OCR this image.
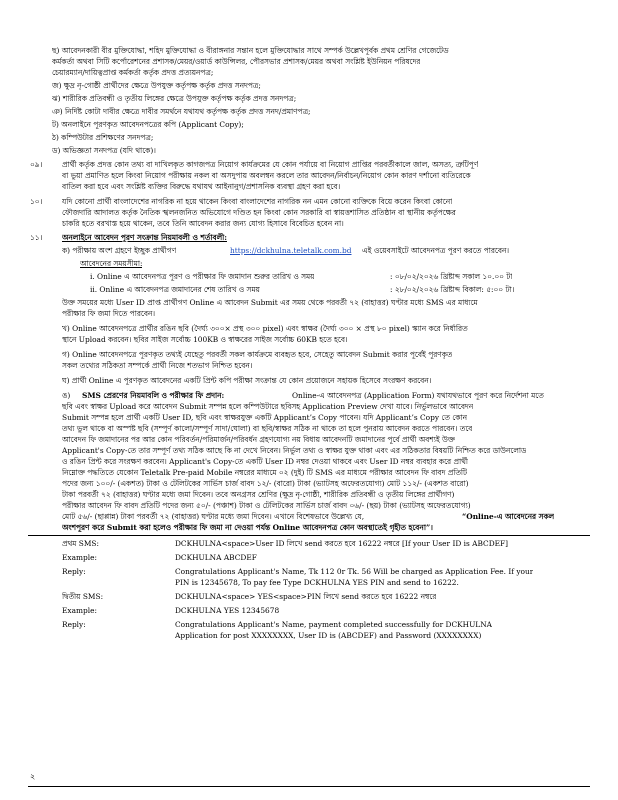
ছ) আবেদনকারী বীর মুক্তিযোদ্ধা, শহিদ মুক্তিযোদ্ধা ও বীরাঙ্গনার সন্তান হলে মুক্তিযোদ্ধার সাথে সম্পর্ক উল্লেখপূর্বক প্রথম শ্রেণির গেজেটেড
কর্মকর্তা অথবা সিটি কর্পোরেশনের প্রশাসক/মেয়র/ওয়ার্ড কাউন্সিলর, পৌরসভার প্রশাসক/মেয়র অথবা সংশ্লিষ্ট ইউনিয়ন পরিষদের
চেয়ারম্যান/দায়িত্বপ্রাপ্ত কর্মকর্তা কর্তৃক প্রদত্ত প্রত্যয়নপত্র;
জ) ক্ষুদ্র নৃ-গোষ্ঠী প্রার্থীদের ক্ষেত্রে উপযুক্ত কর্তৃপক্ষ কর্তৃক প্রদত্ত সনদপত্র;
ঝ) শারীরিক প্রতিবন্ধী ও তৃতীয় লিঙ্গের ক্ষেত্রে উপযুক্ত কর্তৃপক্ষ কর্তৃক প্রদত্ত সনদপত্র;
ঞ) নির্দিষ্ট কোটা দাবীর ক্ষেত্রে দাবীর সমর্থনে যথাযথ কর্তৃপক্ষ কর্তৃক প্রদত্ত সনদ/প্রমাণপত্র;
ট) অনলাইনে পূরণকৃত আবেদনপত্রের কপি (Applicant Copy);
ঠ) কম্পিউটার প্রশিক্ষণের সনদপত্র;
ড) অভিজ্ঞতা সনদপত্র (যদি থাকে)।
০৯।	প্রার্থী কর্তৃক প্রদত্ত কোন তথ্য বা দাখিলকৃত কাগজপত্র নিয়োগ কার্যক্রমের যে কোন পর্যায়ে বা নিয়োগ প্রাপ্তির পরবর্তীকালে জাল, অসত্য, ত্রুটিপূর্ণ
বা ভুয়া প্রমাণিত হলে কিংবা নিয়োগ পরীক্ষায় নকল বা অসদুপায় অবলম্বন করলে তার আবেদন/নির্বাচন/নিয়োগ কোন কারণ দর্শানো ব্যতিরেকে
বাতিল করা হবে এবং সংশ্লিষ্ট ব্যক্তির বিরুদ্ধে যথাযথ আইনানুগ/প্রশাসনিক ব্যবস্থা গ্রহণ করা হবে।
১০।	যদি কোনো প্রার্থী বাংলাদেশের নাগরিক না হয়ে থাকেন কিংবা বাংলাদেশের নাগরিক নন এমন কোনো ব্যক্তিকে বিয়ে করেন কিংবা কোনো
ফৌজদারি আদালত কর্তৃক নৈতিক স্খলনজনিত অভিযোগে দণ্ডিত হন কিংবা কোন সরকারি বা স্বায়ত্তশাসিত প্রতিষ্ঠান বা স্থানীয় কর্তৃপক্ষের
চাকরি হতে বরখাস্ত হয়ে থাকেন, তবে তিনি আবেদন করার জন্য যোগ্য হিসাবে বিবেচিত হবেন না।
১১।	অনলাইনে আবেদন পূরণ সংক্রান্ত নিয়মাবলী ও শর্তাবলী:
ক) পরীক্ষায় অংশ গ্রহণে ইচ্ছুক প্রার্থীগণ	https://dckhulna.teletalk.com.bd এই ওয়েবসাইটে আবেদনপত্র পূরণ করতে পারবেন।
আবেদনের সময়সীমা:
i. Online এ আবেদনপত্র পূরণ ও পরীক্ষার ফি জমাদান শুরুর তারিখ ও সময়	: ০৮/০২/২০২৬ খ্রিষ্টাব্দ সকাল ১০.০০ টা
ii. Online এ আবেদনপত্র জমাদানের শেষ তারিখ ও সময়	: ২৮/০২/২০২৬ খ্রিষ্টাব্দ বিকাল: ৫:০০ টা।
উক্ত সময়ের মধ্যে User ID প্রাপ্ত প্রার্থীগণ Online এ আবেদন Submit এর সময় থেকে পরবর্তী ৭২ (বাহাত্তর) ঘণ্টার মধ্যে SMS এর মাধ্যমে
পরীক্ষার ফি জমা দিতে পারবেন।
খ) Online আবেদনপত্রে প্রার্থীর রঙিন ছবি (দৈর্ঘ্য ৩০০× প্রস্থ ৩০০ pixel) এবং স্বাক্ষর (দৈর্ঘ্য ৩০০ × প্রস্থ ৮০ pixel) স্ক্যান করে নির্ধারিত
স্থানে Upload করবেন। ছবির সাইজ সর্বোচ্চ 100KB ও স্বাক্ষরের সাইজ সর্বোচ্চ 60KB হতে হবে।
গ) Online আবেদনপত্রে পূরণকৃত তথ্যই যেহেতু পরবর্তী সকল কার্যক্রমে ব্যবহৃত হবে, সেহেতু আবেদন Submit করার পূর্বেই পূরণকৃত
সকল তথ্যের সঠিকতা সম্পর্কে প্রার্থী নিজে শতভাগ নিশ্চিত হবেন।
ঘ) প্রার্থী Online এ পূরণকৃত আবেদনের একটি প্রিন্ট কপি পরীক্ষা সংক্রান্ত যে কোন প্রয়োজনে সহায়ক হিসেবে সংরক্ষণ করবেন।
ঙ) SMS প্রেরণের নিয়মাবলি ও পরীক্ষার ফি প্রদান:	Online-এ আবেদনপত্র (Application Form) যথাযথভাবে পূরণ করে নির্দেশনা মতে
ছবি এবং স্বাক্ষর Upload করে আবেদন Submit সম্পন্ন হলে কম্পিউটারে ছবিসহ Application Preview দেখা যাবে। নির্ভুলভাবে আবেদন
Submit সম্পন্ন হলে প্রার্থী একটি User ID, ছবি এবং স্বাক্ষরযুক্ত একটি Applicant’s Copy পাবেন। যদি Applicant’s Copy তে কোন
তথ্য ভুল থাকে বা অস্পষ্ট ছবি (সম্পূর্ণ কালো/সম্পূর্ণ সাদা/ঘোলা) বা ছবি/স্বাক্ষর সঠিক না থাকে তা হলে পুনরায় আবেদন করতে পারবেন। তবে
আবেদন ফি জমাদানের পর আর কোন পরিবর্তন/পরিমার্জন/পরিবর্ধন গ্রহণযোগ্য নয় বিধায় আবেদনটি জমাদানের পূর্বে প্রার্থী অবশ্যই উক্ত
Applicant's Copy-তে তার সম্পূর্ণ তথ্য সঠিক আছে কি না দেখে নিবেন। নির্ভুল তথ্য ও স্বাক্ষর যুক্ত থাকা এবং এর সঠিকতার বিষয়টি নিশ্চিত করে ডাউনলোড
ও রঙিন প্রিন্ট করে সংরক্ষণ করবেন। Applicant's Copy-তে একটি User ID নম্বর দেওয়া থাকবে এবং User ID নম্বর ব্যবহার করে প্রার্থী
নিম্নোক্ত পদ্ধতিতে যেকোন Teletalk Pre-paid Mobile নম্বরের মাধ্যমে ০২ (দুই) টি SMS এর মাধ্যমে পরীক্ষার আবেদন ফি বাবদ প্রতিটি
পদের জন্য ১০০/- (একশত) টাকা ও টেলিটকের সার্ভিস চার্জ বাবদ ১২/- (বারো) টাকা (ভ্যাটসহ অফেরতযোগ্য) মোট ১১২/- (একশত বারো)
টাকা পরবর্তী ৭২ (বাহাত্তর) ঘণ্টার মধ্যে জমা দিবেন। তবে অনগ্রসর শ্রেণির (ক্ষুদ্র নৃ-গোষ্ঠী, শারীরিক প্রতিবন্ধী ও তৃতীয় লিঙ্গের প্রার্থীগণ)
পরীক্ষার আবেদন ফি বাবদ প্রতিটি পদের জন্য ৫০/- (পঞ্চাশ) টাকা ও টেলিটকের সার্ভিস চার্জ বাবদ ০৬/- (ছয়) টাকা (ভ্যাটসহ অফেরতযোগ্য)
মোট ৫৬/- (ছাপ্পান্ন) টাকা পরবর্তী ৭২ (বাহাত্তর) ঘণ্টার মধ্যে জমা দিবেন। এখানে বিশেষভাবে উল্লেখ্য যে,	“Online-এ আবেদনের সকল
অংশপূরণ করে Submit করা হলেও পরীক্ষার ফি জমা না দেওয়া পর্যন্ত Online আবেদনপত্র কোন অবস্থাতেই গৃহীত হবেনা”।
প্রথম SMS:	DCKHULNA<space>User ID লিখে send করতে হবে 16222 নম্বরে [If your User ID is ABCDEF]
Example:	DCKHULNA ABCDEF
Reply:	Congratulations Applicant's Name, Tk 112 0r Tk. 56 Will be charged as Application Fee. If your
PIN is 12345678, To pay fee Type DCKHULNA YES PIN and send to 16222.
দ্বিতীয় SMS:	DCKHULNA<space> YES<space>PIN লিখে send করতে হবে 16222 নম্বরে
Example:	DCKHULNA YES 12345678
Reply:	Congratulations Applicant's Name, payment completed successfully for DCKHULNA
Application for post XXXXXXXX, User ID is (ABCDEF) and Password (XXXXXXXX)
২
